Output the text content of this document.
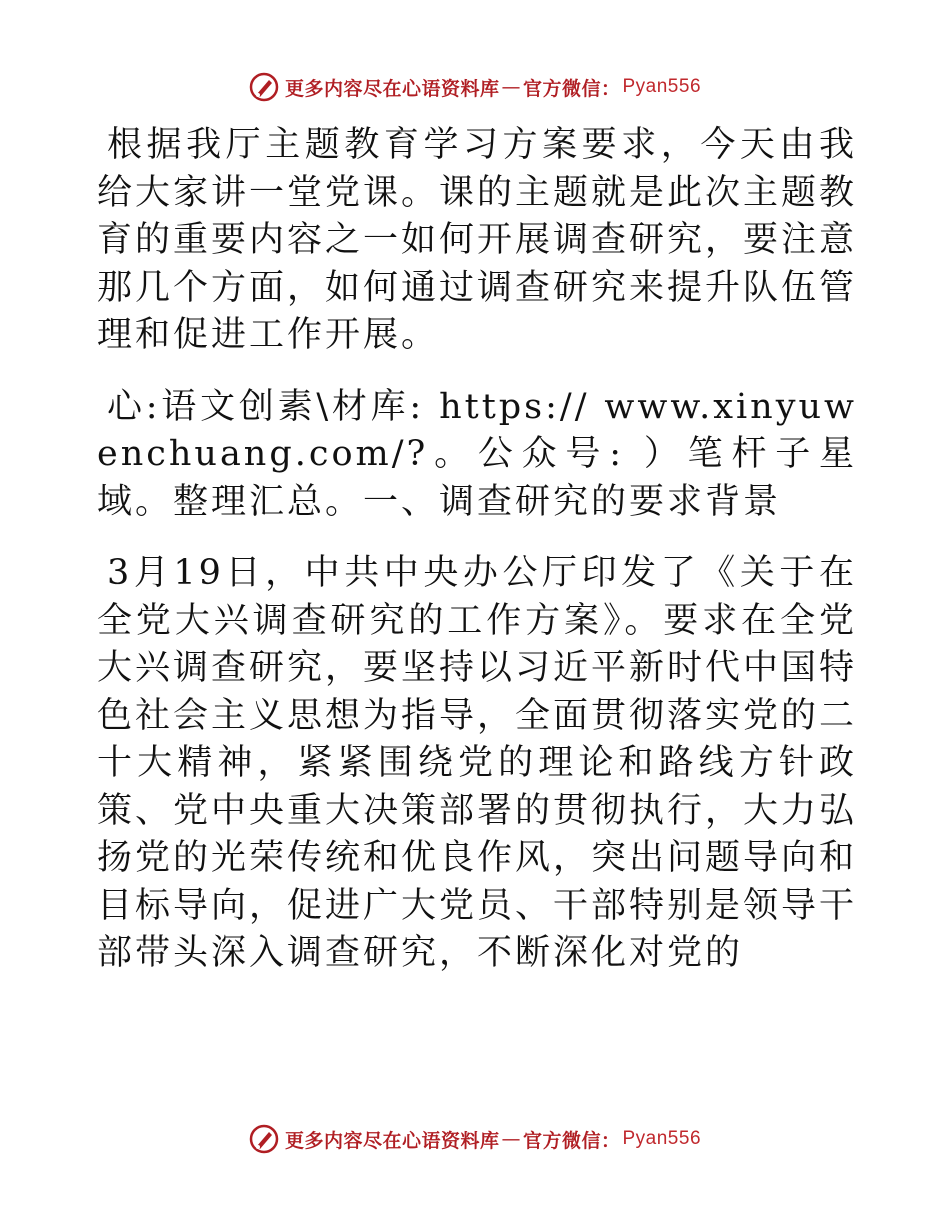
更多内容尽在心语资料库 — 官方微信： Pyan556

根据我厅主题教育学习方案要求，今天由我给大家讲一堂党课。课的主题就是此次主题教育的重要内容之一如何开展调查研究，要注意那几个方面，如何通过调查研究来提升队伍管理和促进工作开展。

心:语文创素\材库: https:// www.xinyuwenchuang.com/?。公众号: ）笔杆子星域。整理汇总。一、调查研究的要求背景

3月19日，中共中央办公厅印发了《关于在全党大兴调查研究的工作方案》。要求在全党大兴调查研究，要坚持以习近平新时代中国特色社会主义思想为指导，全面贯彻落实党的二十大精神，紧紧围绕党的理论和路线方针政策、党中央重大决策部署的贯彻执行，大力弘扬党的光荣传统和优良作风，突出问题导向和目标导向，促进广大党员、干部特别是领导干部带头深入调查研究，不断深化对党的

更多内容尽在心语资料库 — 官方微信： Pyan556
